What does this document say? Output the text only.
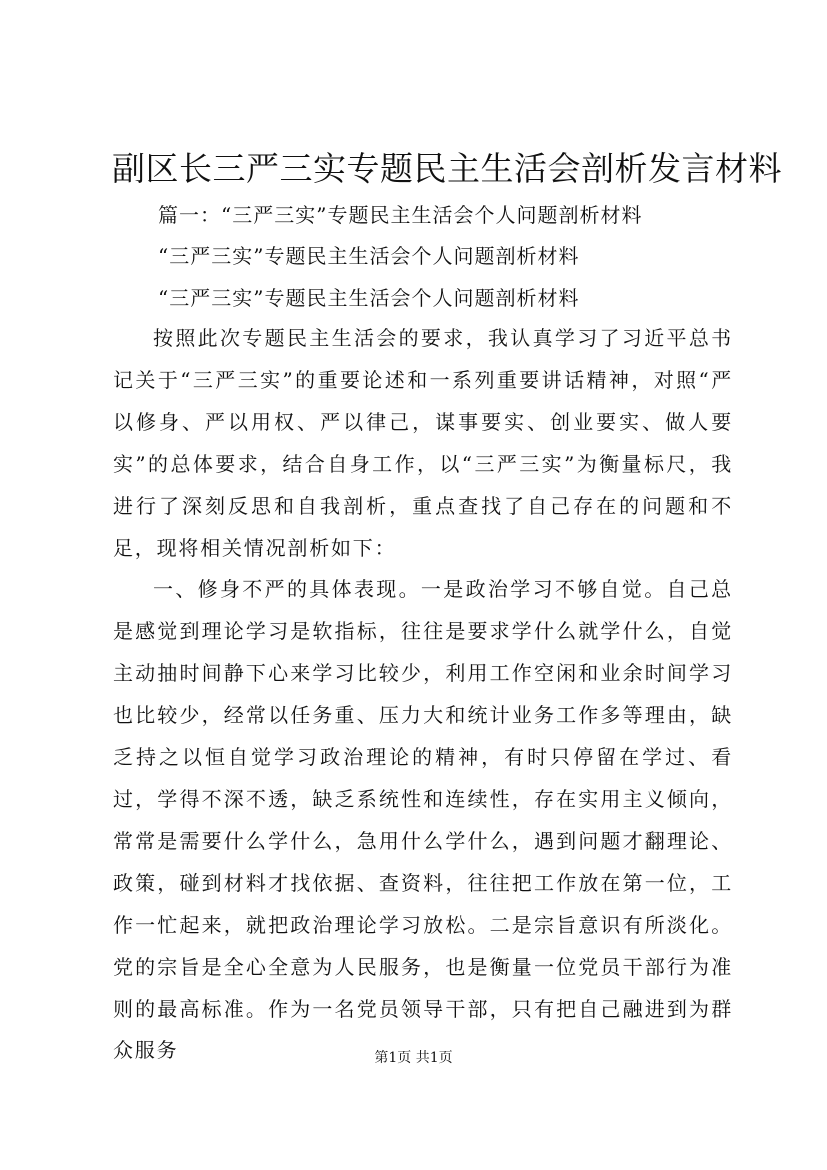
副区长三严三实专题民主生活会剖析发言材料
篇一：“三严三实”专题民主生活会个人问题剖析材料
“三严三实”专题民主生活会个人问题剖析材料
“三严三实”专题民主生活会个人问题剖析材料

按照此次专题民主生活会的要求，我认真学习了习近平总书记关于“三严三实”的重要论述和一系列重要讲话精神，对照“严以修身、严以用权、严以律己，谋事要实、创业要实、做人要实”的总体要求，结合自身工作，以“三严三实”为衡量标尺，我进行了深刻反思和自我剖析，重点查找了自己存在的问题和不足，现将相关情况剖析如下：

一、修身不严的具体表现。一是政治学习不够自觉。自己总是感觉到理论学习是软指标，往往是要求学什么就学什么，自觉主动抽时间静下心来学习比较少，利用工作空闲和业余时间学习也比较少，经常以任务重、压力大和统计业务工作多等理由，缺乏持之以恒自觉学习政治理论的精神，有时只停留在学过、看过，学得不深不透，缺乏系统性和连续性，存在实用主义倾向，常常是需要什么学什么，急用什么学什么，遇到问题才翻理论、政策，碰到材料才找依据、查资料，往往把工作放在第一位，工作一忙起来，就把政治理论学习放松。二是宗旨意识有所淡化。党的宗旨是全心全意为人民服务，也是衡量一位党员干部行为准则的最高标准。作为一名党员领导干部，只有把自己融进到为群众服务	第1页 共1页
